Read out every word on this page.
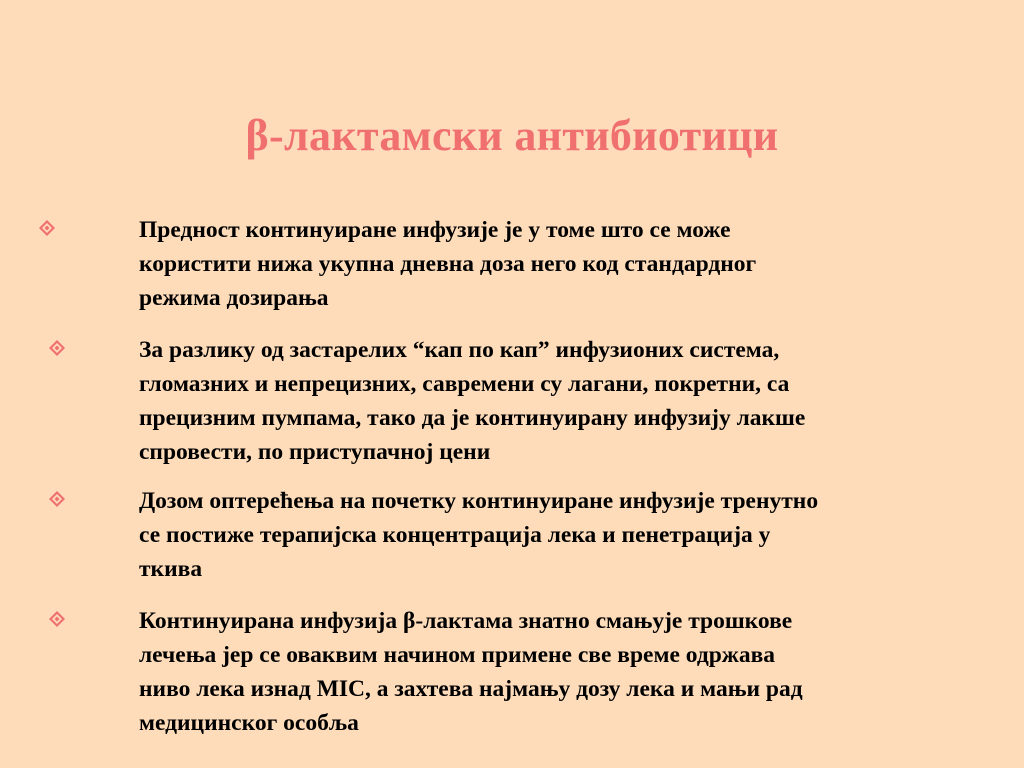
β-лактамски антибиотици
Предност континуиране инфузије је у томе што се може
користити нижа укупна дневна доза него код стандардног
режима дозирања
За разлику од застарелих “кап по кап” инфузионих система,
гломазних и непрецизних, савремени су лагани, покретни, са
прецизним пумпама, тако да је континуирану инфузију лакше
спровести, по приступачној цени
Дозом оптерећења на почетку континуиране инфузије тренутно
се постиже терапијска концентрација лека и пенетрација у
ткива
Континуирана инфузија β-лактама знатно смањује трошкове
лечења јер се оваквим начином примене све време одржава
ниво лека изнад MIC, а захтева најмању дозу лека и мањи рад
медицинског особља
